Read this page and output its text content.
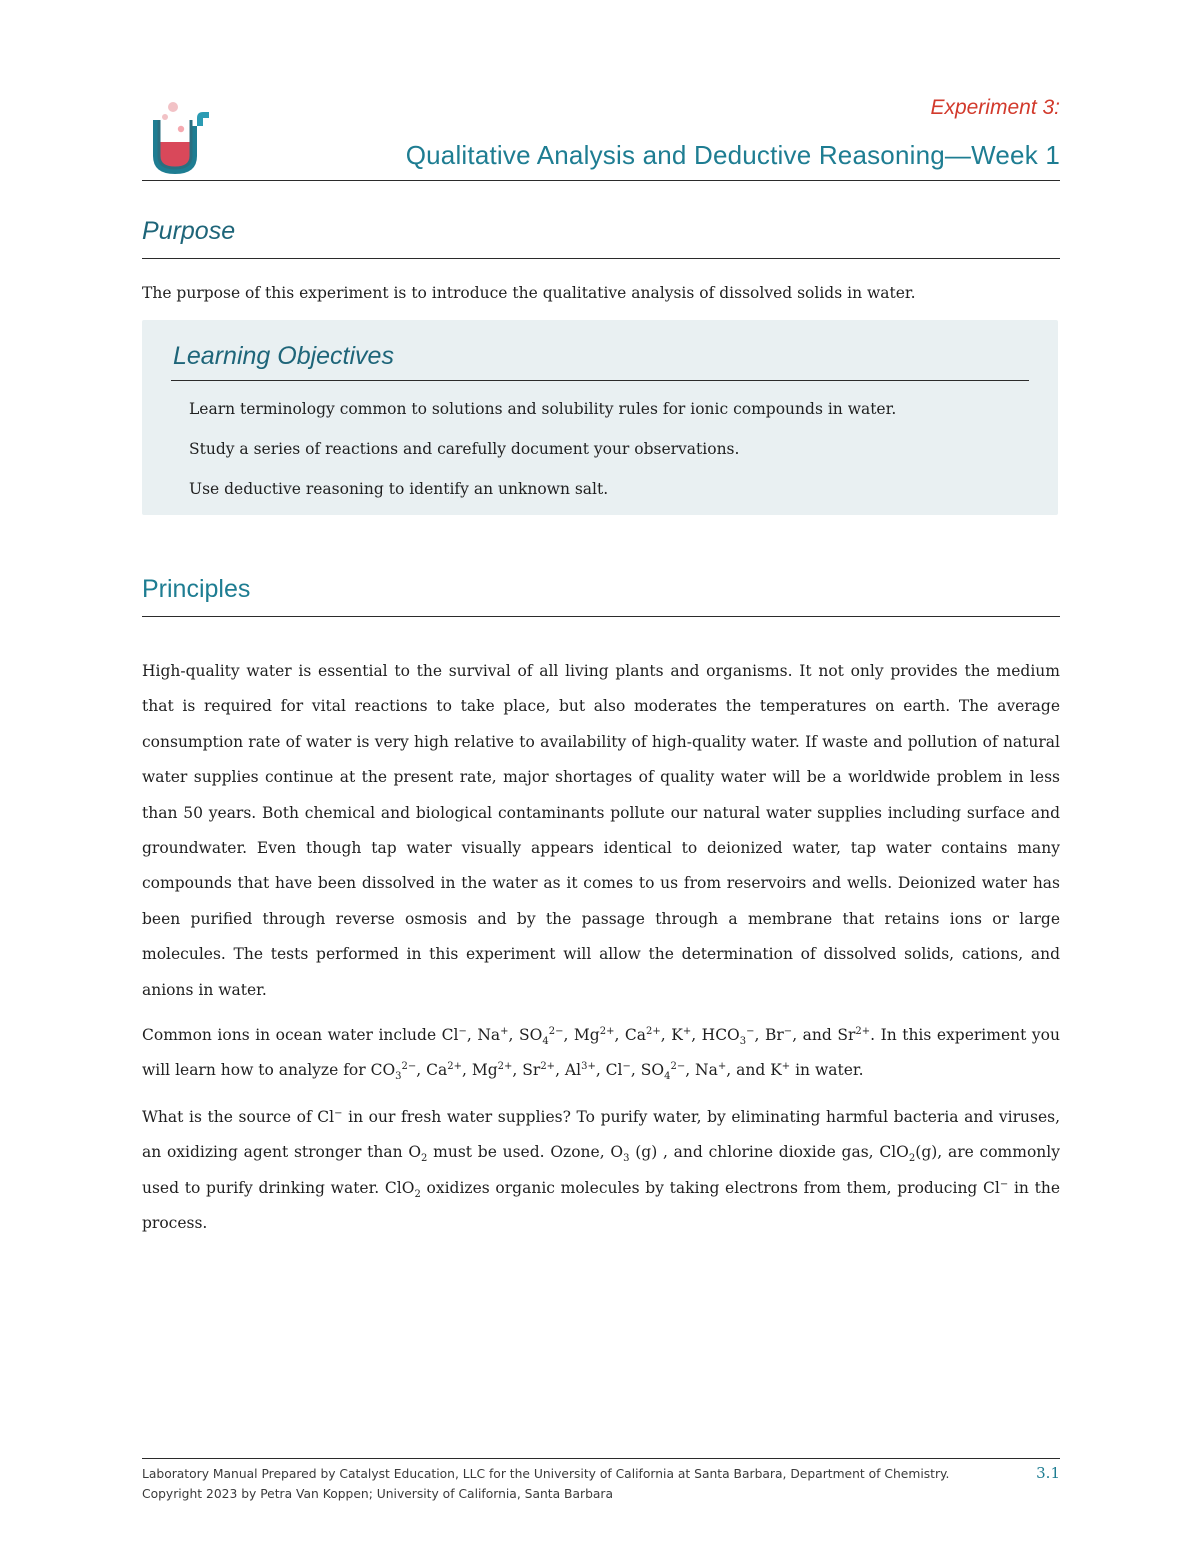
Experiment 3:
Qualitative Analysis and Deductive Reasoning—Week 1
Purpose
The purpose of this experiment is to introduce the qualitative analysis of dissolved solids in water.
Learning Objectives
Learn terminology common to solutions and solubility rules for ionic compounds in water.
Study a series of reactions and carefully document your observations.
Use deductive reasoning to identify an unknown salt.
Principles

High-quality water is essential to the survival of all living plants and organisms. It not only provides the medium that is required for vital reactions to take place, but also moderates the temperatures on earth. The average consumption rate of water is very high relative to availability of high-quality water. If waste and pollution of natural water supplies continue at the present rate, major shortages of quality water will be a worldwide problem in less than 50 years. Both chemical and biological contaminants pollute our natural water supplies including surface and groundwater. Even though tap water visually appears identical to deionized water, tap water contains many compounds that have been dissolved in the water as it comes to us from reservoirs and wells. Deionized water has been purified through reverse osmosis and by the passage through a membrane that retains ions or large molecules. The tests performed in this experiment will allow the determination of dissolved solids, cations, and anions in water.

Common ions in ocean water include Cl−, Na+, $SO_4^{2-}$, $Mg^{2+}$, $Ca^{2+}$, K+, $HCO_3^-$, Br−, and $Sr^{2+}$. In this experiment you will learn how to analyze for $CO_3^{2-}$, $Ca^{2+}$, $Mg^{2+}$, $Sr^{2+}$, $Al^{3+}$, Cl−, $SO_4^{2-}$, Na+, and K+ in water.

What is the source of Cl− in our fresh water supplies? To purify water, by eliminating harmful bacteria and viruses, an oxidizing agent stronger than $O_2$ must be used. Ozone, $O_3$ (g) , and chlorine dioxide gas, ClO$_2$(g), are commonly used to purify drinking water. ClO$_2$ oxidizes organic molecules by taking electrons from them, producing Cl− in the process.

Laboratory Manual Prepared by Catalyst Education, LLC for the University of California at Santa Barbara, Department of Chemistry.
Copyright 2023 by Petra Van Koppen; University of California, Santa Barbara
3.1
